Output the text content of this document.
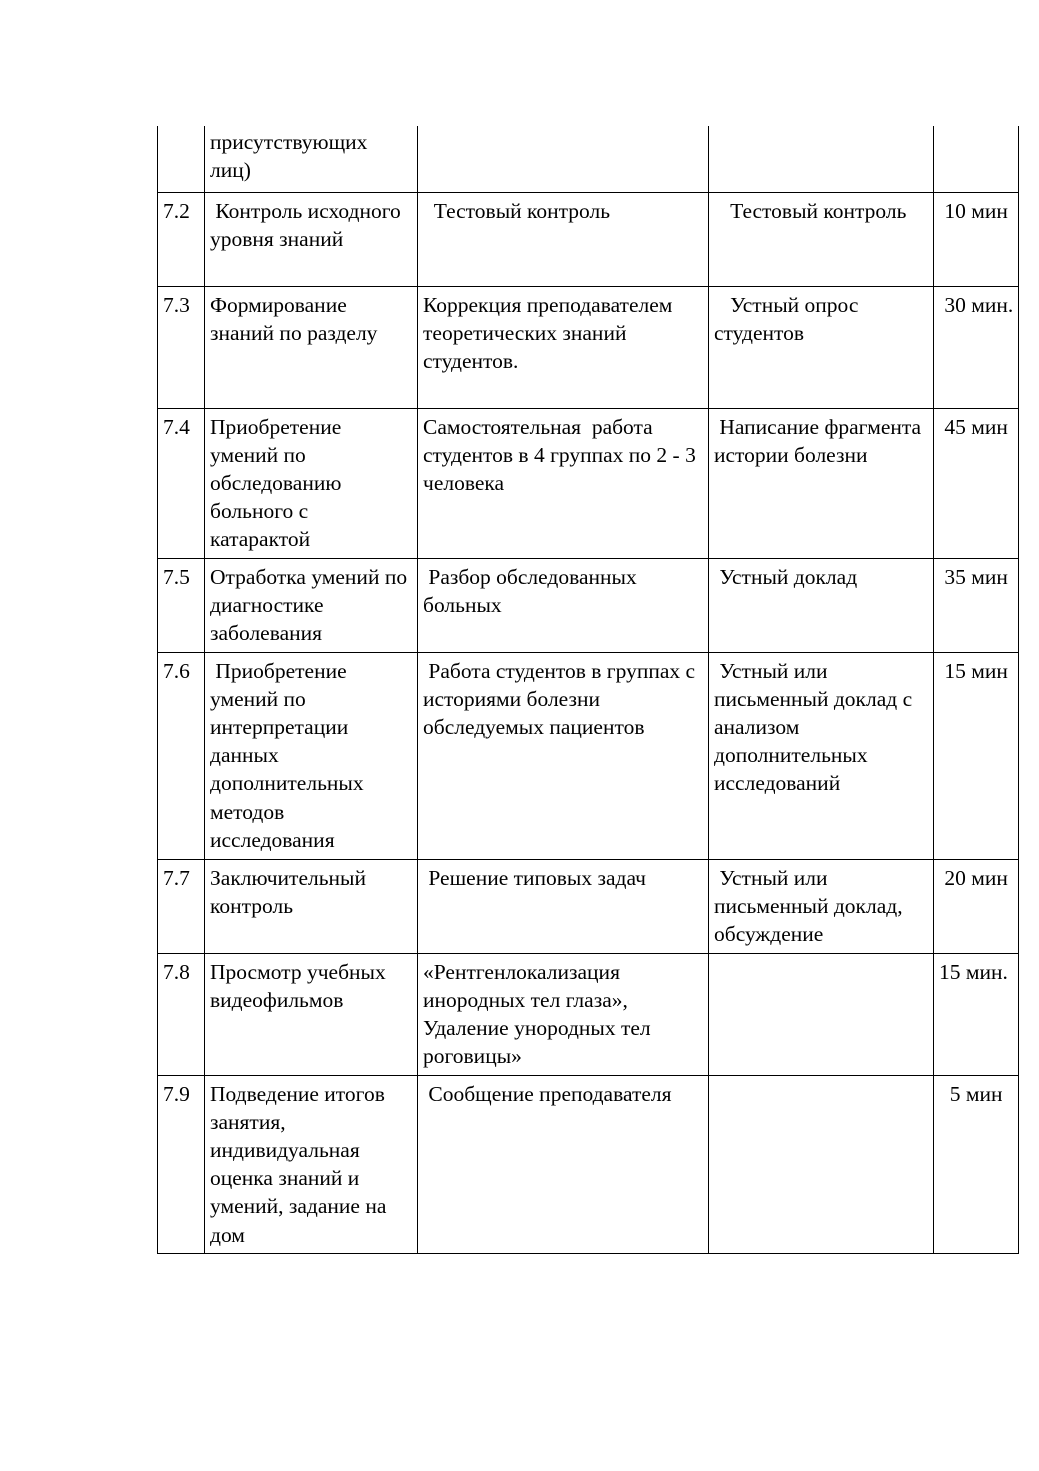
	присутствующих лиц)			
7.2	Контроль исходного уровня знаний	Тестовый контроль	Тестовый контроль	10 мин
7.3	Формирование знаний по разделу	Коррекция преподавателем теоретических знаний студентов.	Устный опрос студентов	30 мин.
7.4	Приобретение умений по обследованию больного с катарактой	Самостоятельная  работа студентов в 4 группах по 2 - 3    человека	Написание фрагмента истории болезни	45 мин
7.5	Отработка умений по диагностике заболевания	Разбор обследованных больных	Устный доклад	35 мин
7.6	Приобретение умений по интерпретации данных дополнительных методов исследования	Работа студентов в группах с историями болезни обследуемых пациентов	Устный или письменный доклад с анализом дополнительных исследований	15 мин
7.7	Заключительный контроль	Решение типовых задач	Устный или письменный доклад, обсуждение	20 мин
7.8	Просмотр учебных видеофильмов	«Рентгенлокализация инородных тел глаза», Удаление унородных тел роговицы»		15 мин.
7.9	Подведение итогов занятия, индивидуальная оценка знаний и умений, задание на дом	Сообщение преподавателя		5 мин
